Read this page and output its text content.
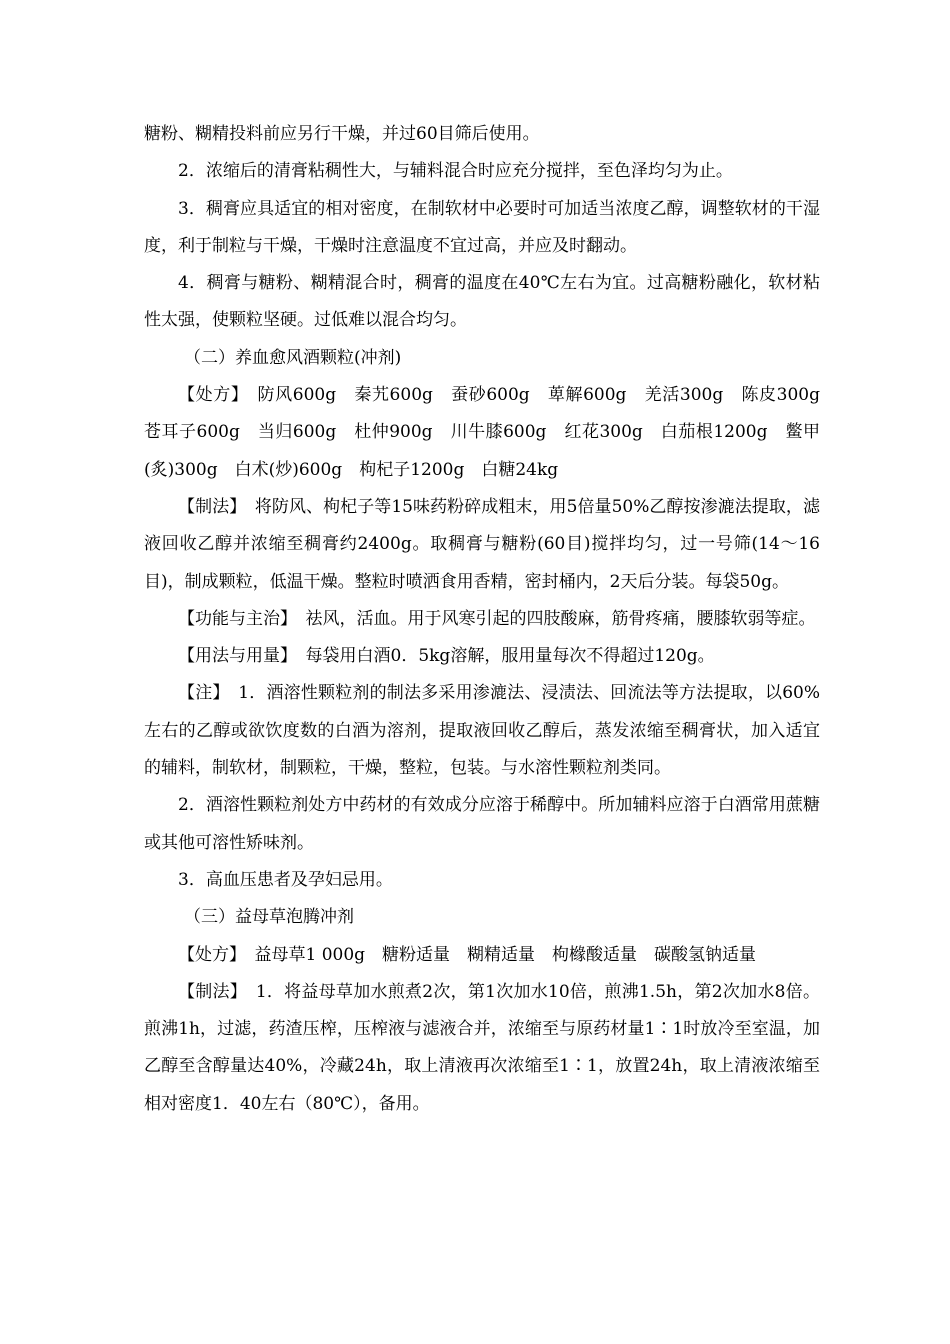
糖粉、糊精投料前应另行干燥，并过60目筛后使用。

2．浓缩后的清膏粘稠性大，与辅料混合时应充分搅拌，至色泽均匀为止。

3．稠膏应具适宜的相对密度，在制软材中必要时可加适当浓度乙醇，调整软材的干湿度，利于制粒与干燥，干燥时注意温度不宜过高，并应及时翻动。

4．稠膏与糖粉、糊精混合时，稠膏的温度在40℃左右为宜。过高糖粉融化，软材粘性太强，使颗粒坚硬。过低难以混合均匀。

（二）养血愈风酒颗粒(冲剂)

【处方】　防风600g　秦艽600g　蚕砂600g　萆解600g　羌活300g　陈皮300g　苍耳子600g　当归600g　杜仲900g　川牛膝600g　红花300g　白茄根1200g　鳖甲(炙)300g　白术(炒)600g　枸杞子1200g　白糖24kg

【制法】　将防风、枸杞子等15味药粉碎成粗末，用5倍量50%乙醇按渗漉法提取，滤液回收乙醇并浓缩至稠膏约2400g。取稠膏与糖粉(60目)搅拌均匀，过一号筛(14～16目)，制成颗粒，低温干燥。整粒时喷洒食用香精，密封桶内，2天后分装。每袋50g。

【功能与主治】　祛风，活血。用于风寒引起的四肢酸麻，筋骨疼痛，腰膝软弱等症。

【用法与用量】　每袋用白酒0．5kg溶解，服用量每次不得超过120g。

【注】　1．酒溶性颗粒剂的制法多采用渗漉法、浸渍法、回流法等方法提取，以60%左右的乙醇或欲饮度数的白酒为溶剂，提取液回收乙醇后，蒸发浓缩至稠膏状，加入适宜的辅料，制软材，制颗粒，干燥，整粒，包装。与水溶性颗粒剂类同。

2．酒溶性颗粒剂处方中药材的有效成分应溶于稀醇中。所加辅料应溶于白酒常用蔗糖或其他可溶性矫味剂。

3．高血压患者及孕妇忌用。

（三）益母草泡腾冲剂

【处方】　益母草1 000g　糖粉适量　糊精适量　枸橼酸适量　碳酸氢钠适量

【制法】　1．将益母草加水煎煮2次，第1次加水10倍，煎沸1.5h，第2次加水8倍。煎沸1h，过滤，药渣压榨，压榨液与滤液合并，浓缩至与原药材量1∶1时放冷至室温，加乙醇至含醇量达40%，冷藏24h，取上清液再次浓缩至1∶1，放置24h，取上清液浓缩至相对密度1．40左右（80℃），备用。
